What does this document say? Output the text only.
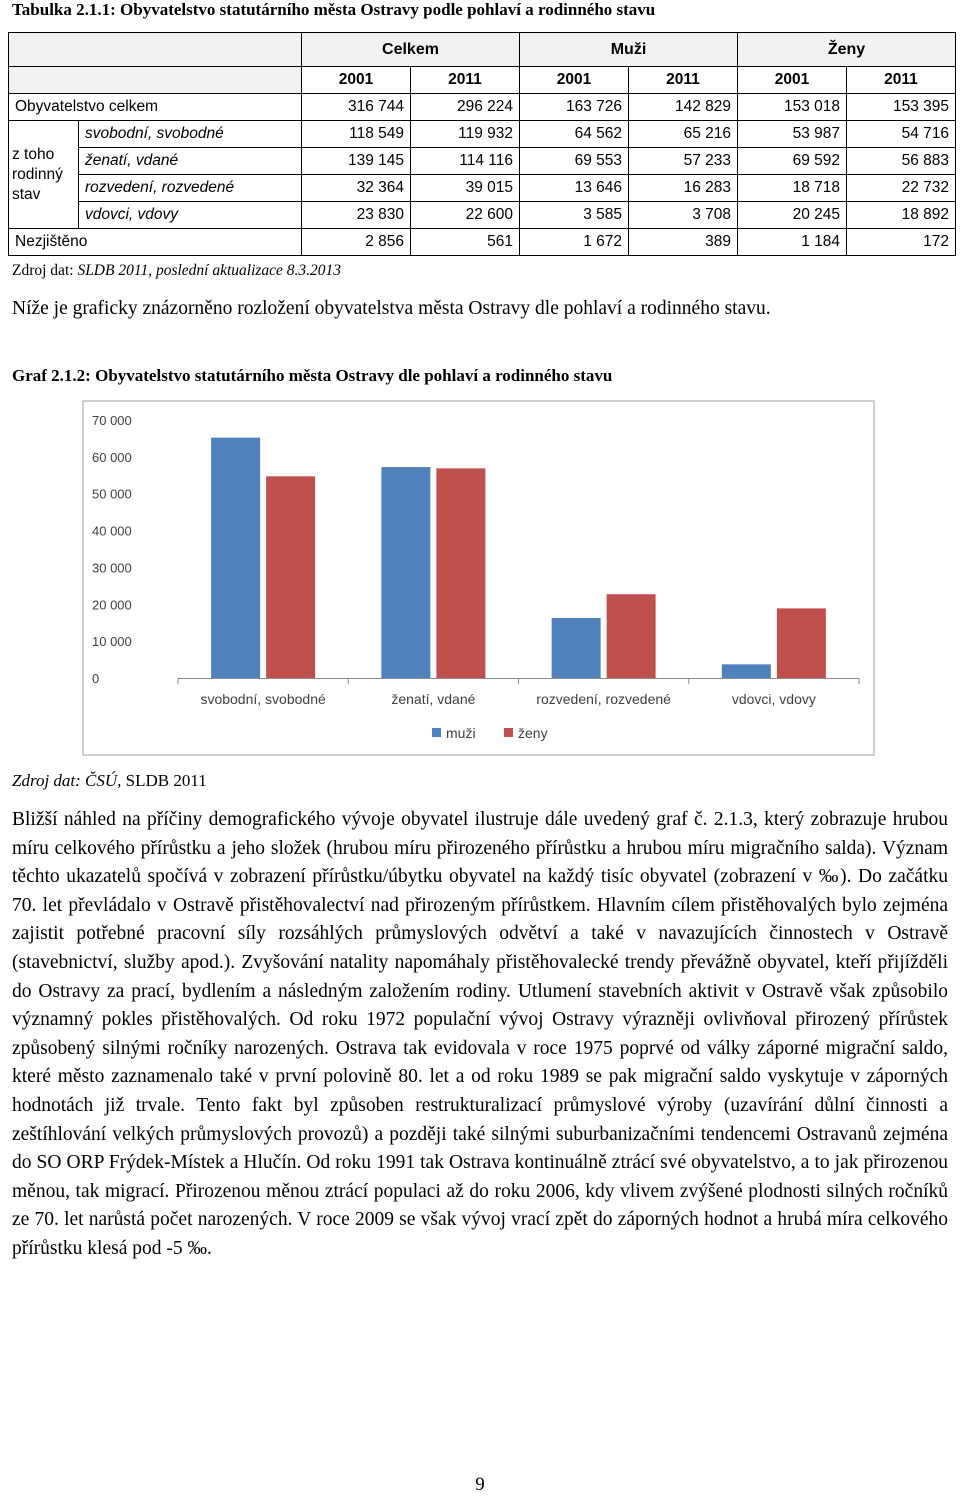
Tabulka 2.1.1: Obyvatelstvo statutárního města Ostravy podle pohlaví a rodinného stavu
		Celkem		Muži		Ženy	
		2001	2011	2001	2011	2001	2011
Obyvatelstvo celkem		316 744	296 224	163 726	142 829	153 018	153 395
z toho rodinný stav	svobodní, svobodné	118 549	119 932	64 562	65 216	53 987	54 716
	ženatí, vdané	139 145	114 116	69 553	57 233	69 592	56 883
	rozvedení, rozvedené	32 364	39 015	13 646	16 283	18 718	22 732
	vdovci, vdovy	23 830	22 600	3 585	3 708	20 245	18 892
Nezjištěno		2 856	561	1 672	389	1 184	172
Zdroj dat: SLDB 2011, poslední aktualizace 8.3.2013

Níže je graficky znázorněno rozložení obyvatelstva města Ostravy dle pohlaví a rodinného stavu.

Graf 2.1.2: Obyvatelstvo statutárního města Ostravy dle pohlaví a rodinného stavu
0
10 000
20 000
30 000
40 000
50 000
60 000
70 000
svobodní, svobodné	ženatí, vdané	rozvedení, rozvedené	vdovci, vdovy
muži	ženy
Zdroj dat: ČSÚ, SLDB 2011

Bližší náhled na příčiny demografického vývoje obyvatel ilustruje dále uvedený graf č. 2.1.3, který zobrazuje hrubou míru celkového přírůstku a jeho složek (hrubou míru přirozeného přírůstku a hrubou míru migračního salda). Význam těchto ukazatelů spočívá v zobrazení přírůstku/úbytku obyvatel na každý tisíc obyvatel (zobrazení v ‰). Do začátku 70. let převládalo v Ostravě přistěhovalectví nad přirozeným přírůstkem. Hlavním cílem přistěhovalých bylo zejména zajistit potřebné pracovní síly rozsáhlých průmyslových odvětví a také v navazujících činnostech v Ostravě (stavebnictví, služby apod.). Zvyšování natality napomáhaly přistěhovalecké trendy převážně obyvatel, kteří přijížděli do Ostravy za prací, bydlením a následným založením rodiny. Utlumení stavebních aktivit v Ostravě však způsobilo významný pokles přistěhovalých. Od roku 1972 populační vývoj Ostravy výrazněji ovlivňoval přirozený přírůstek způsobený silnými ročníky narozených. Ostrava tak evidovala v roce 1975 poprvé od války záporné migrační saldo, které město zaznamenalo také v první polovině 80. let a od roku 1989 se pak migrační saldo vyskytuje v záporných hodnotách již trvale. Tento fakt byl způsoben restrukturalizací průmyslové výroby (uzavírání důlní činnosti a zeštíhlování velkých průmyslových provozů) a později také silnými suburbanizačními tendencemi Ostravanů zejména do SO ORP Frýdek-Místek a Hlučín. Od roku 1991 tak Ostrava kontinuálně ztrácí své obyvatelstvo, a to jak přirozenou měnou, tak migrací. Přirozenou měnou ztrácí populaci až do roku 2006, kdy vlivem zvýšené plodnosti silných ročníků ze 70. let narůstá počet narozených. V roce 2009 se však vývoj vrací zpět do záporných hodnot a hrubá míra celkového přírůstku klesá pod -5 ‰.

9
